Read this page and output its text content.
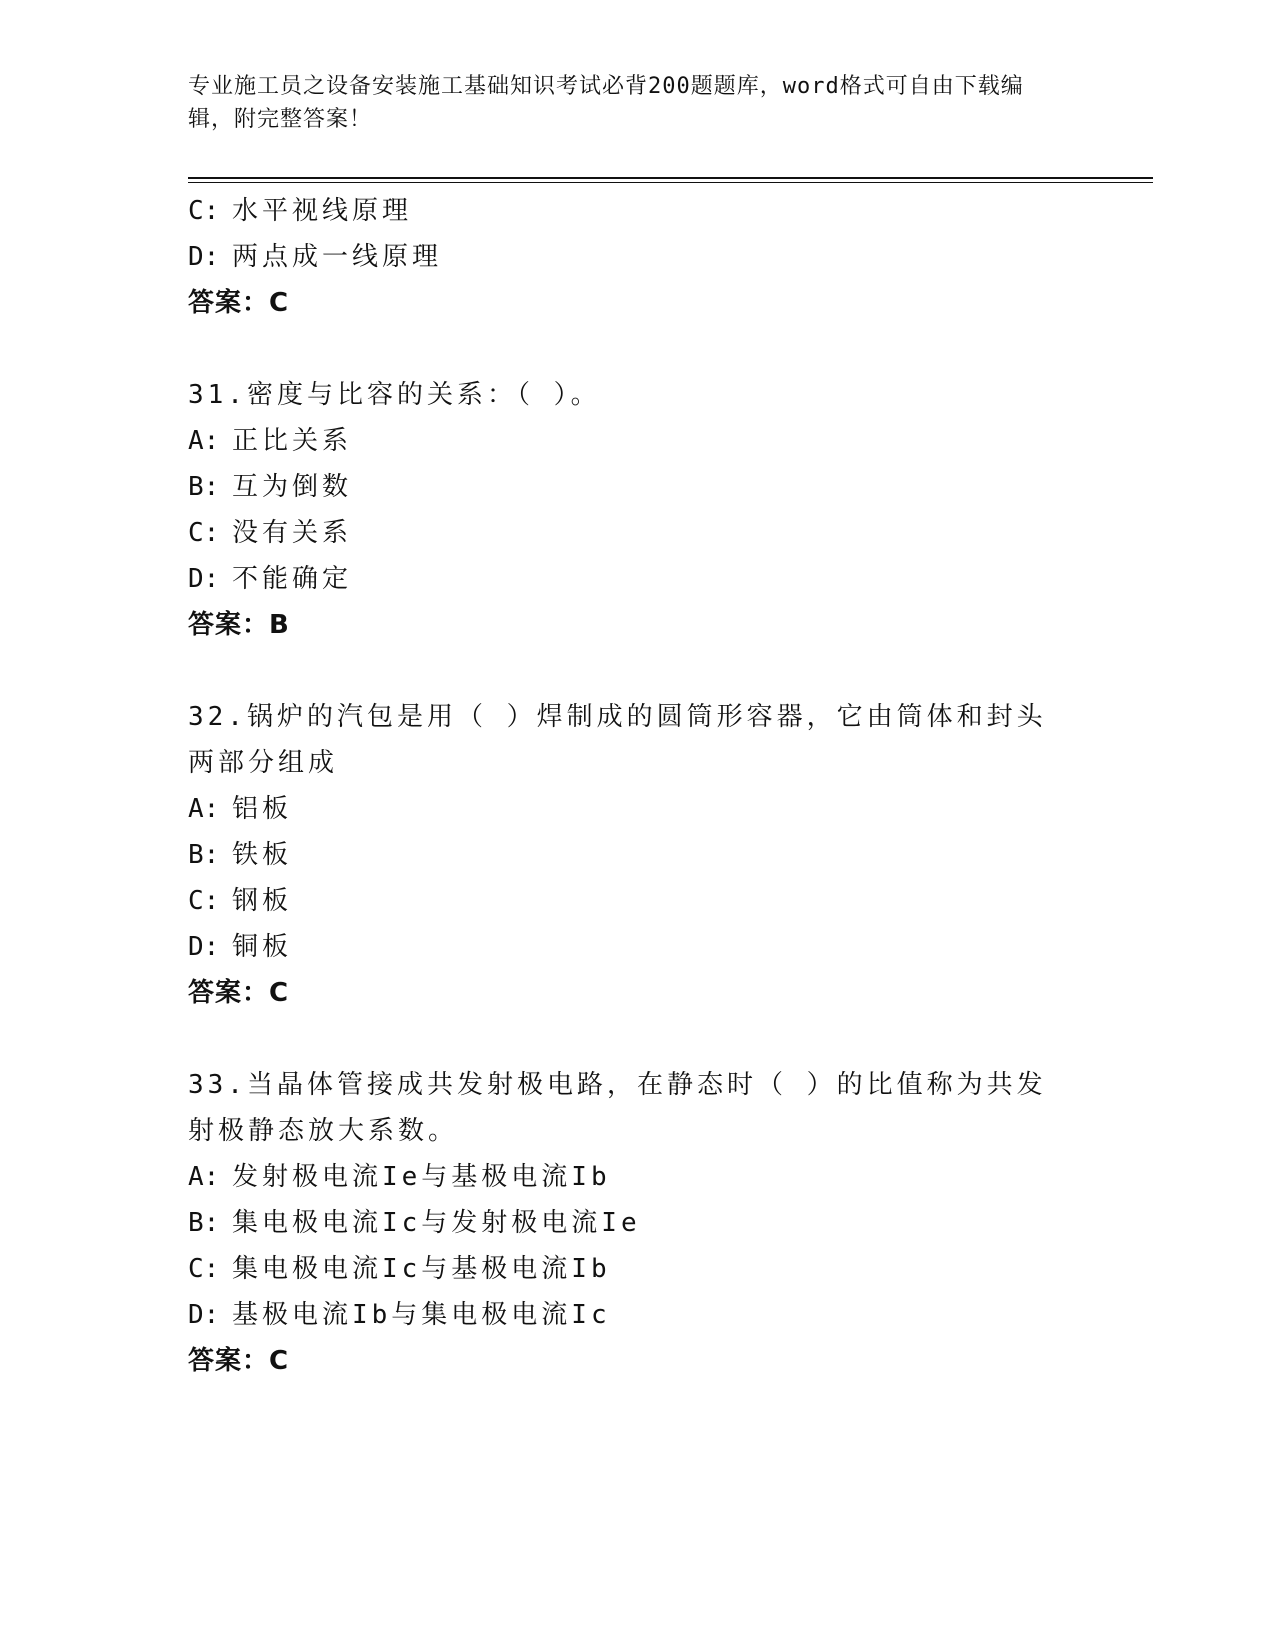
专业施工员之设备安装施工基础知识考试必背200题题库，word格式可自由下载编辑，附完整答案！
C: 水平视线原理
D: 两点成一线原理
答案：C
31.密度与比容的关系：（ ）。
A: 正比关系
B: 互为倒数
C: 没有关系
D: 不能确定
答案：B
32.锅炉的汽包是用（ ）焊制成的圆筒形容器，它由筒体和封头两部分组成
A: 铝板
B: 铁板
C: 钢板
D: 铜板
答案：C
33.当晶体管接成共发射极电路，在静态时（ ）的比值称为共发射极静态放大系数。
A: 发射极电流Ie与基极电流Ib
B: 集电极电流Ic与发射极电流Ie
C: 集电极电流Ic与基极电流Ib
D: 基极电流Ib与集电极电流Ic
答案：C
